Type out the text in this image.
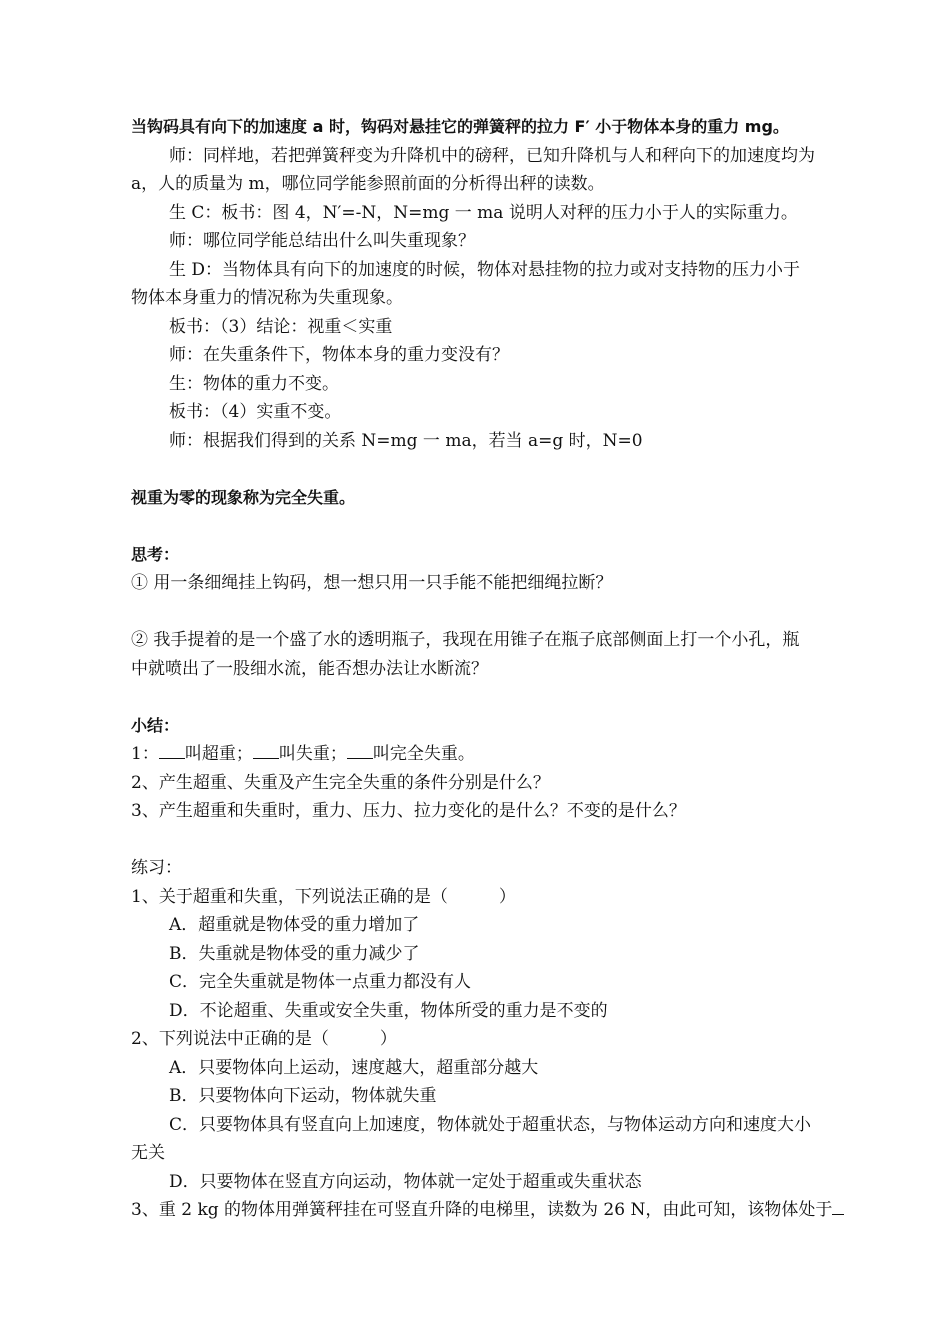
当钩码具有向下的加速度 a 时，钩码对悬挂它的弹簧秤的拉力 F′ 小于物体本身的重力 mg。
师：同样地，若把弹簧秤变为升降机中的磅秤，已知升降机与人和秤向下的加速度均为
a，人的质量为 m，哪位同学能参照前面的分析得出秤的读数。
生 C：板书：图 4，N′=-N，N=mg 一 ma 说明人对秤的压力小于人的实际重力。
师：哪位同学能总结出什么叫失重现象？
生 D：当物体具有向下的加速度的时候，物体对悬挂物的拉力或对支持物的压力小于
物体本身重力的情况称为失重现象。
板书：（3）结论：视重＜实重
师：在失重条件下，物体本身的重力变没有？
生：物体的重力不变。
板书：（4）实重不变。
师：根据我们得到的关系 N=mg 一 ma，若当 a=g 时，N=0
视重为零的现象称为完全失重。
思考：
① 用一条细绳挂上钩码，想一想只用一只手能不能把细绳拉断？
② 我手提着的是一个盛了水的透明瓶子，我现在用锥子在瓶子底部侧面上打一个小孔，瓶
中就喷出了一股细水流，能否想办法让水断流？
小结：
1： 叫超重； 叫失重； 叫完全失重。
2、产生超重、失重及产生完全失重的条件分别是什么？
3、产生超重和失重时，重力、压力、拉力变化的是什么？不变的是什么？
练习：
1、关于超重和失重，下列说法正确的是（　　　）
A．超重就是物体受的重力增加了
B．失重就是物体受的重力减少了
C．完全失重就是物体一点重力都没有人
D．不论超重、失重或安全失重，物体所受的重力是不变的
2、下列说法中正确的是（　　　）
A．只要物体向上运动，速度越大，超重部分越大
B．只要物体向下运动，物体就失重
C．只要物体具有竖直向上加速度，物体就处于超重状态，与物体运动方向和速度大小
无关
D．只要物体在竖直方向运动，物体就一定处于超重或失重状态
3、重 2 kg 的物体用弹簧秤挂在可竖直升降的电梯里，读数为 26 N，由此可知，该物体处于
